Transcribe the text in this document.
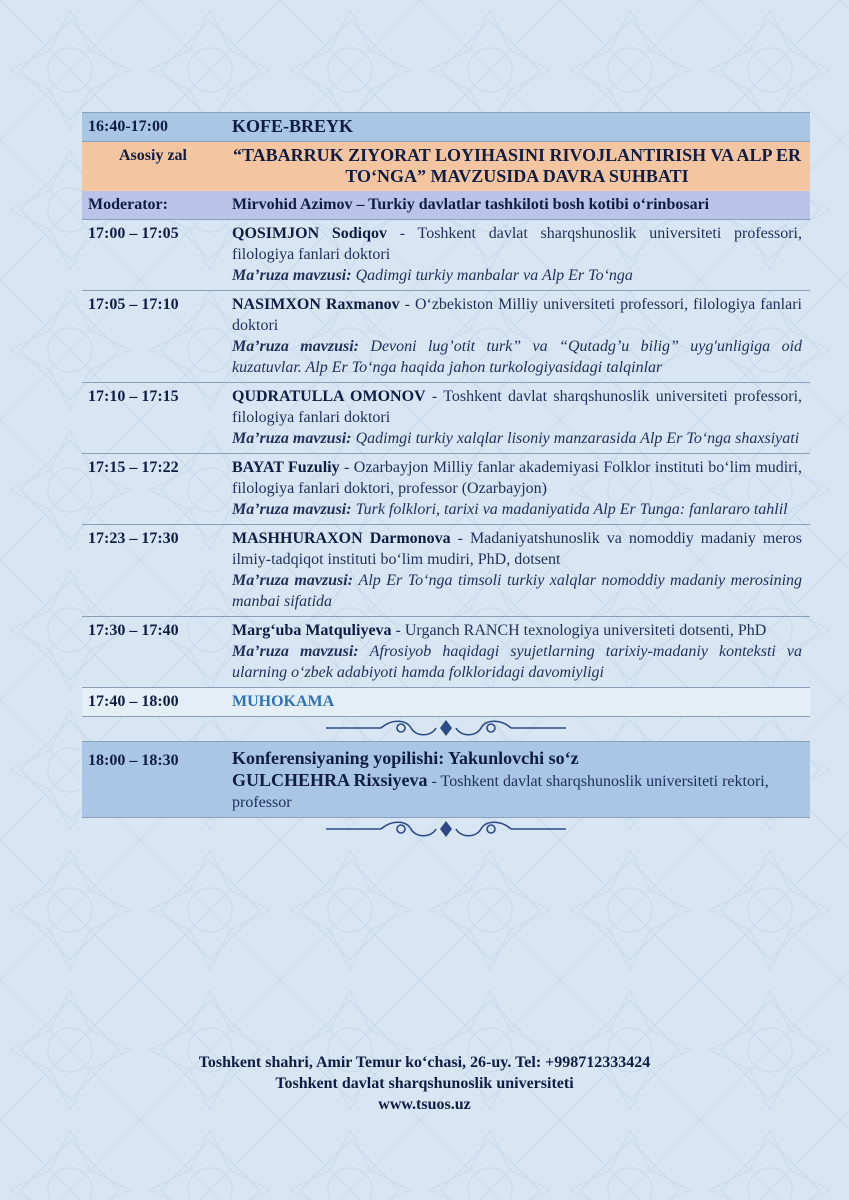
16:40-17:00	KOFE-BREYK
Asosiy zal	“TABARRUK ZIYORAT LOYIHASINI RIVOJLANTIRISH VA ALP ER TO‘NGA” MAVZUSIDA DAVRA SUHBATI
Moderator:	Mirvohid Azimov – Turkiy davlatlar tashkiloti bosh kotibi o‘rinbosari
17:00 – 17:05	QOSIMJON Sodiqov - Toshkent davlat sharqshunoslik universiteti professori, filologiya fanlari doktori
Ma’ruza mavzusi: Qadimgi turkiy manbalar va Alp Er To‘nga
17:05 – 17:10	NASIMXON Raxmanov - O‘zbekiston Milliy universiteti professori, filologiya fanlari doktori
Ma’ruza mavzusi: Devoni lug’otit turk” va “Qutadg’u bilig” uyg'unligiga oid kuzatuvlar. Alp Er To‘nga haqida jahon turkologiyasidagi talqinlar
17:10 – 17:15	QUDRATULLA OMONOV - Toshkent davlat sharqshunoslik universiteti professori, filologiya fanlari doktori
Ma’ruza mavzusi: Qadimgi turkiy xalqlar lisoniy manzarasida Alp Er To‘nga shaxsiyati
17:15 – 17:22	BAYAT Fuzuliy - Ozarbayjon Milliy fanlar akademiyasi Folklor instituti bo‘lim mudiri, filologiya fanlari doktori, professor (Ozarbayjon)
Ma’ruza mavzusi: Turk folklori, tarixi va madaniyatida Alp Er Tunga: fanlararo tahlil
17:23 – 17:30	MASHHURAXON Darmonova - Madaniyatshunoslik va nomoddiy madaniy meros ilmiy-tadqiqot instituti bo‘lim mudiri, PhD, dotsent
Ma’ruza mavzusi: Alp Er To‘nga timsoli turkiy xalqlar nomoddiy madaniy merosining manbai sifatida
17:30 – 17:40	Marg‘uba Matquliyeva - Urganch RANCH texnologiya universiteti dotsenti, PhD
Ma’ruza mavzusi: Afrosiyob haqidagi syujetlarning tarixiy-madaniy konteksti va ularning o‘zbek adabiyoti hamda folkloridagi davomiyligi
17:40 – 18:00	MUHOKAMA
18:00 – 18:30	Konferensiyaning yopilishi: Yakunlovchi so‘z
GULCHEHRA Rixsiyeva - Toshkent davlat sharqshunoslik universiteti rektori, professor
Toshkent shahri, Amir Temur ko‘chasi, 26-uy. Tel: +998712333424
Toshkent davlat sharqshunoslik universiteti
www.tsuos.uz
